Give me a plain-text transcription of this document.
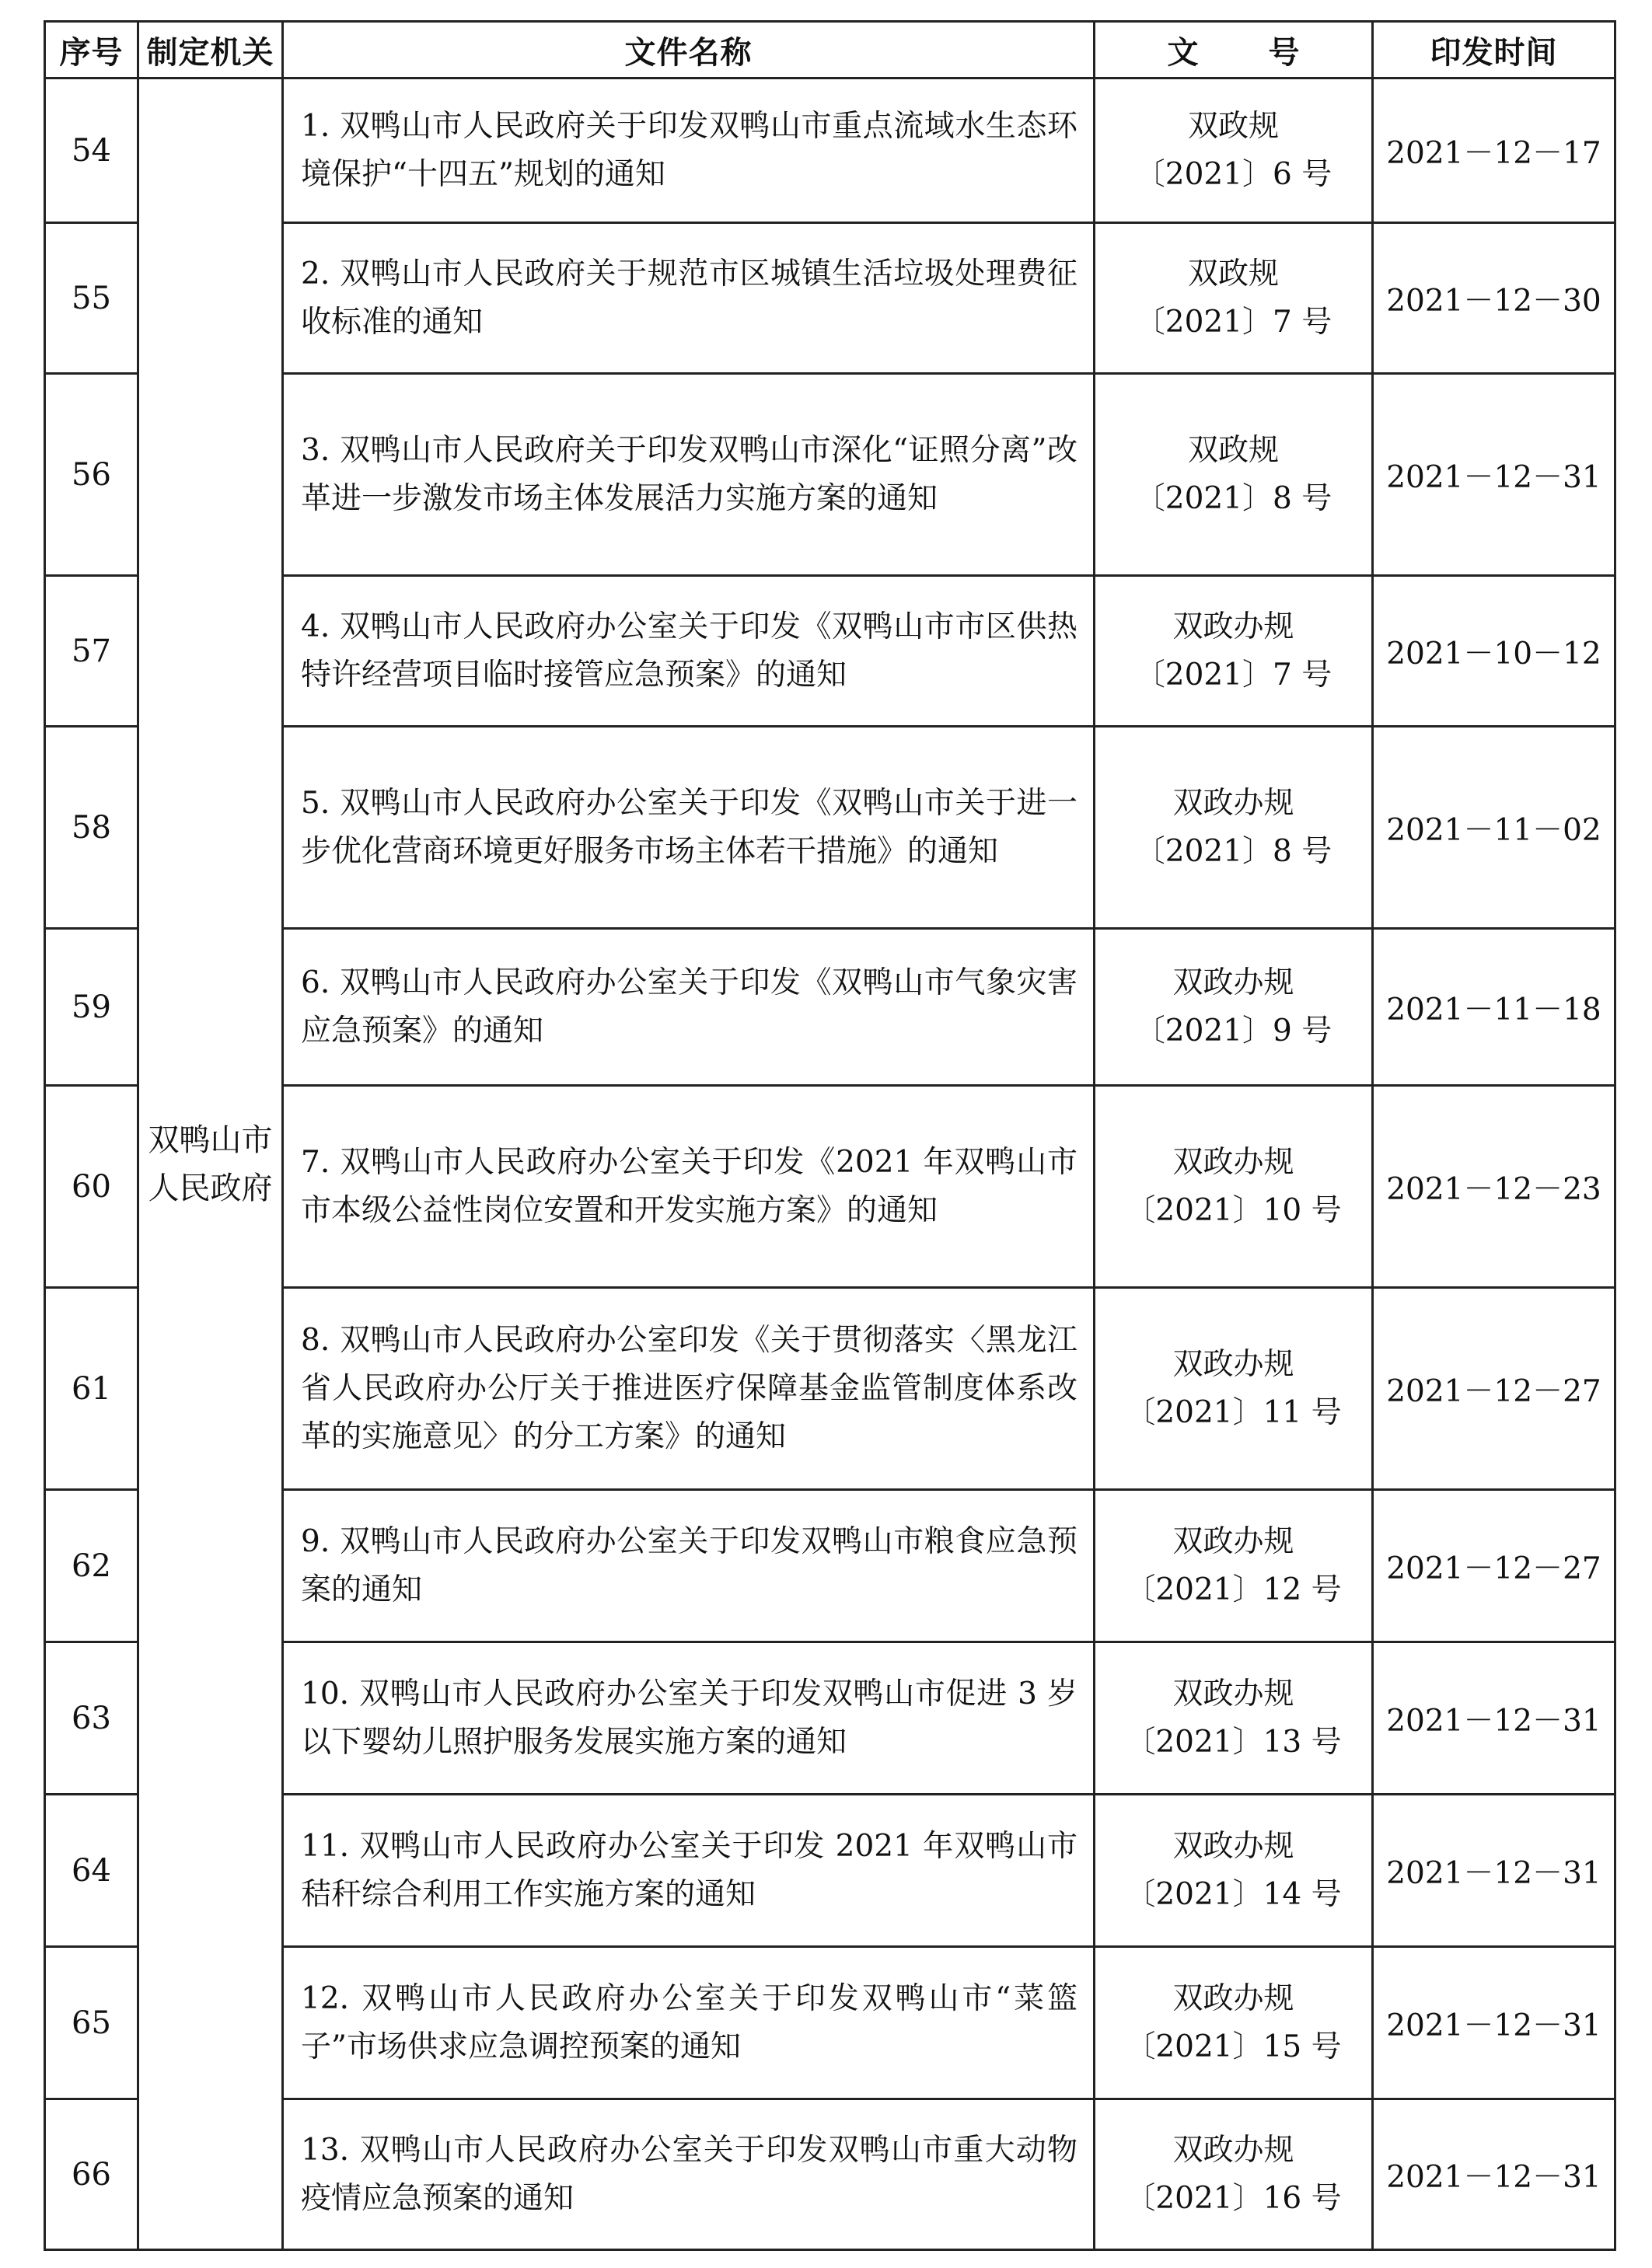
序号	制定机关	文件名称	文号	印发时间
54	双鸭山市人民政府	1. 双鸭山市人民政府关于印发双鸭山市重点流域水生态环境保护“十四五”规划的通知	双政规
〔2021〕6 号	2021－12－17
55		2. 双鸭山市人民政府关于规范市区城镇生活垃圾处理费征收标准的通知	双政规
〔2021〕7 号	2021－12－30
56		3. 双鸭山市人民政府关于印发双鸭山市深化“证照分离”改革进一步激发市场主体发展活力实施方案的通知	双政规
〔2021〕8 号	2021－12－31
57		4. 双鸭山市人民政府办公室关于印发《双鸭山市市区供热特许经营项目临时接管应急预案》的通知	双政办规
〔2021〕7 号	2021－10－12
58		5. 双鸭山市人民政府办公室关于印发《双鸭山市关于进一步优化营商环境更好服务市场主体若干措施》的通知	双政办规
〔2021〕8 号	2021－11－02
59		6. 双鸭山市人民政府办公室关于印发《双鸭山市气象灾害应急预案》的通知	双政办规
〔2021〕9 号	2021－11－18
60		7. 双鸭山市人民政府办公室关于印发《2021 年双鸭山市市本级公益性岗位安置和开发实施方案》的通知	双政办规
〔2021〕10 号	2021－12－23
61		8. 双鸭山市人民政府办公室印发《关于贯彻落实〈黑龙江省人民政府办公厅关于推进医疗保障基金监管制度体系改革的实施意见〉的分工方案》的通知	双政办规
〔2021〕11 号	2021－12－27
62		9. 双鸭山市人民政府办公室关于印发双鸭山市粮食应急预案的通知	双政办规
〔2021〕12 号	2021－12－27
63		10. 双鸭山市人民政府办公室关于印发双鸭山市促进 3 岁以下婴幼儿照护服务发展实施方案的通知	双政办规
〔2021〕13 号	2021－12－31
64		11. 双鸭山市人民政府办公室关于印发 2021 年双鸭山市秸秆综合利用工作实施方案的通知	双政办规
〔2021〕14 号	2021－12－31
65		12. 双鸭山市人民政府办公室关于印发双鸭山市“菜篮子”市场供求应急调控预案的通知	双政办规
〔2021〕15 号	2021－12－31
66		13. 双鸭山市人民政府办公室关于印发双鸭山市重大动物疫情应急预案的通知	双政办规
〔2021〕16 号	2021－12－31
